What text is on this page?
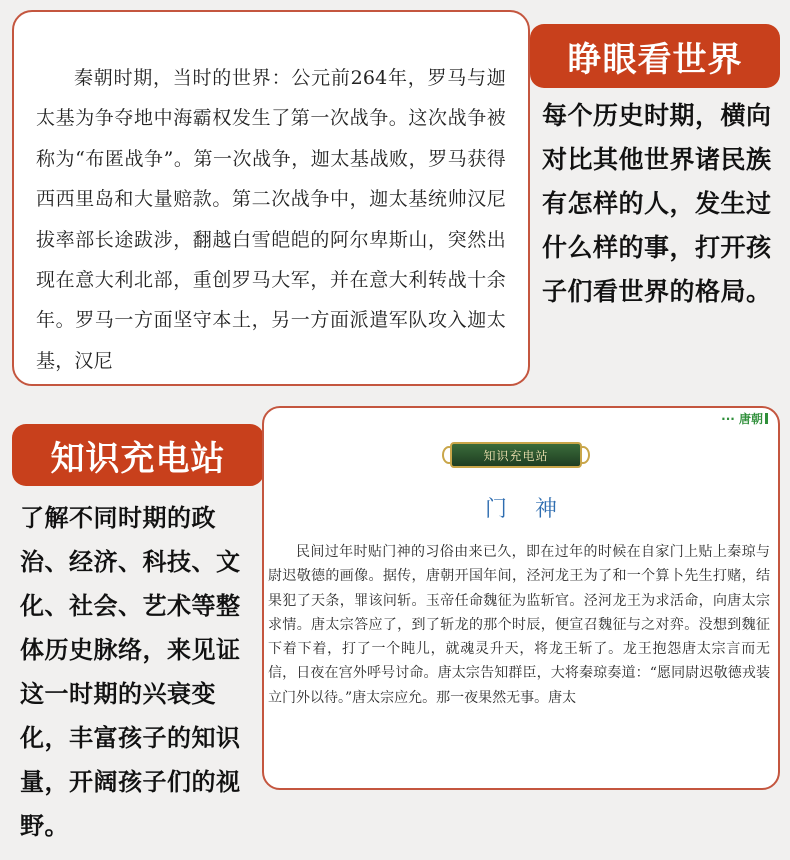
秦朝时期，当时的世界：公元前264年，罗马与迦太基为争夺地中海霸权发生了第一次战争。这次战争被称为“布匿战争”。第一次战争，迦太基战败，罗马获得西西里岛和大量赔款。第二次战争中，迦太基统帅汉尼拔率部长途跋涉，翻越白雪皑皑的阿尔卑斯山，突然出现在意大利北部，重创罗马大军，并在意大利转战十余年。罗马一方面坚守本土，另一方面派遣军队攻入迦太基，汉尼

睁眼看世界
每个历史时期，横向对比其他世界诸民族有怎样的人，发生过什么样的事，打开孩子们看世界的格局。
知识充电站
了解不同时期的政治、经济、科技、文化、社会、艺术等整体历史脉络，来见证这一时期的兴衰变化，丰富孩子的知识量，开阔孩子们的视野。
··· 唐朝
知识充电站
门神

民间过年时贴门神的习俗由来已久，即在过年的时候在自家门上贴上秦琼与尉迟敬德的画像。据传，唐朝开国年间，泾河龙王为了和一个算卜先生打赌，结果犯了天条，罪该问斩。玉帝任命魏征为监斩官。泾河龙王为求活命，向唐太宗求情。唐太宗答应了，到了斩龙的那个时辰，便宣召魏征与之对弈。没想到魏征下着下着，打了一个盹儿，就魂灵升天，将龙王斩了。龙王抱怨唐太宗言而无信，日夜在宫外呼号讨命。唐太宗告知群臣，大将秦琼奏道：“愿同尉迟敬德戎装立门外以待。”唐太宗应允。那一夜果然无事。唐太
